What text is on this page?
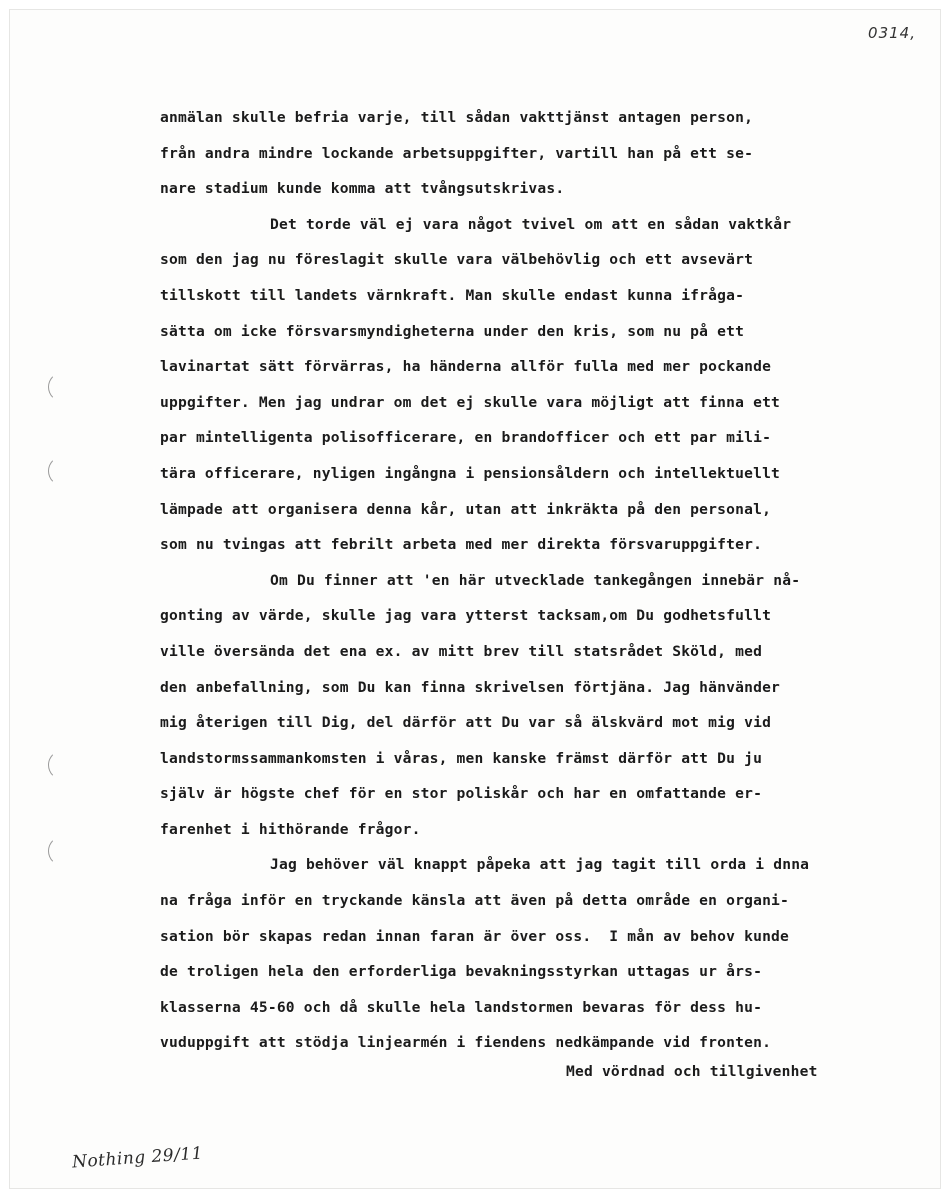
0314,
anmälan skulle befria varje, till sådan vakttjänst antagen person,
från andra mindre lockande arbetsuppgifter, vartill han på ett se-
nare stadium kunde komma att tvångsutskrivas.
Det torde väl ej vara något tvivel om att en sådan vaktkår
som den jag nu föreslagit skulle vara välbehövlig och ett avsevärt
tillskott till landets värnkraft. Man skulle endast kunna ifråga-
sätta om icke försvarsmyndigheterna under den kris, som nu på ett
lavinartat sätt förvärras, ha händerna allför fulla med mer pockande
uppgifter. Men jag undrar om det ej skulle vara möjligt att finna ett
par mintelligenta polisofficerare, en brandofficer och ett par mili-
tära officerare, nyligen ingångna i pensionsåldern och intellektuellt
lämpade att organisera denna kår, utan att inkräkta på den personal,
som nu tvingas att febrilt arbeta med mer direkta försvaruppgifter.
Om Du finner att 'en här utvecklade tankegången innebär nå-
gonting av värde, skulle jag vara ytterst tacksam,om Du godhetsfullt
ville översända det ena ex. av mitt brev till statsrådet Sköld, med
den anbefallning, som Du kan finna skrivelsen förtjäna. Jag hänvänder
mig återigen till Dig, del därför att Du var så älskvärd mot mig vid
landstormssammankomsten i våras, men kanske främst därför att Du ju
själv är högste chef för en stor poliskår och har en omfattande er-
farenhet i hithörande frågor.
Jag behöver väl knappt påpeka att jag tagit till orda i dnna
na fråga inför en tryckande känsla att även på detta område en organi-
sation bör skapas redan innan faran är över oss.  I mån av behov kunde
de troligen hela den erforderliga bevakningsstyrkan uttagas ur års-
klasserna 45-60 och då skulle hela landstormen bevaras för dess hu-
vuduppgift att stödja linjearmén i fiendens nedkämpande vid fronten.
Med vördnad och tillgivenhet
Nothing 29/11
